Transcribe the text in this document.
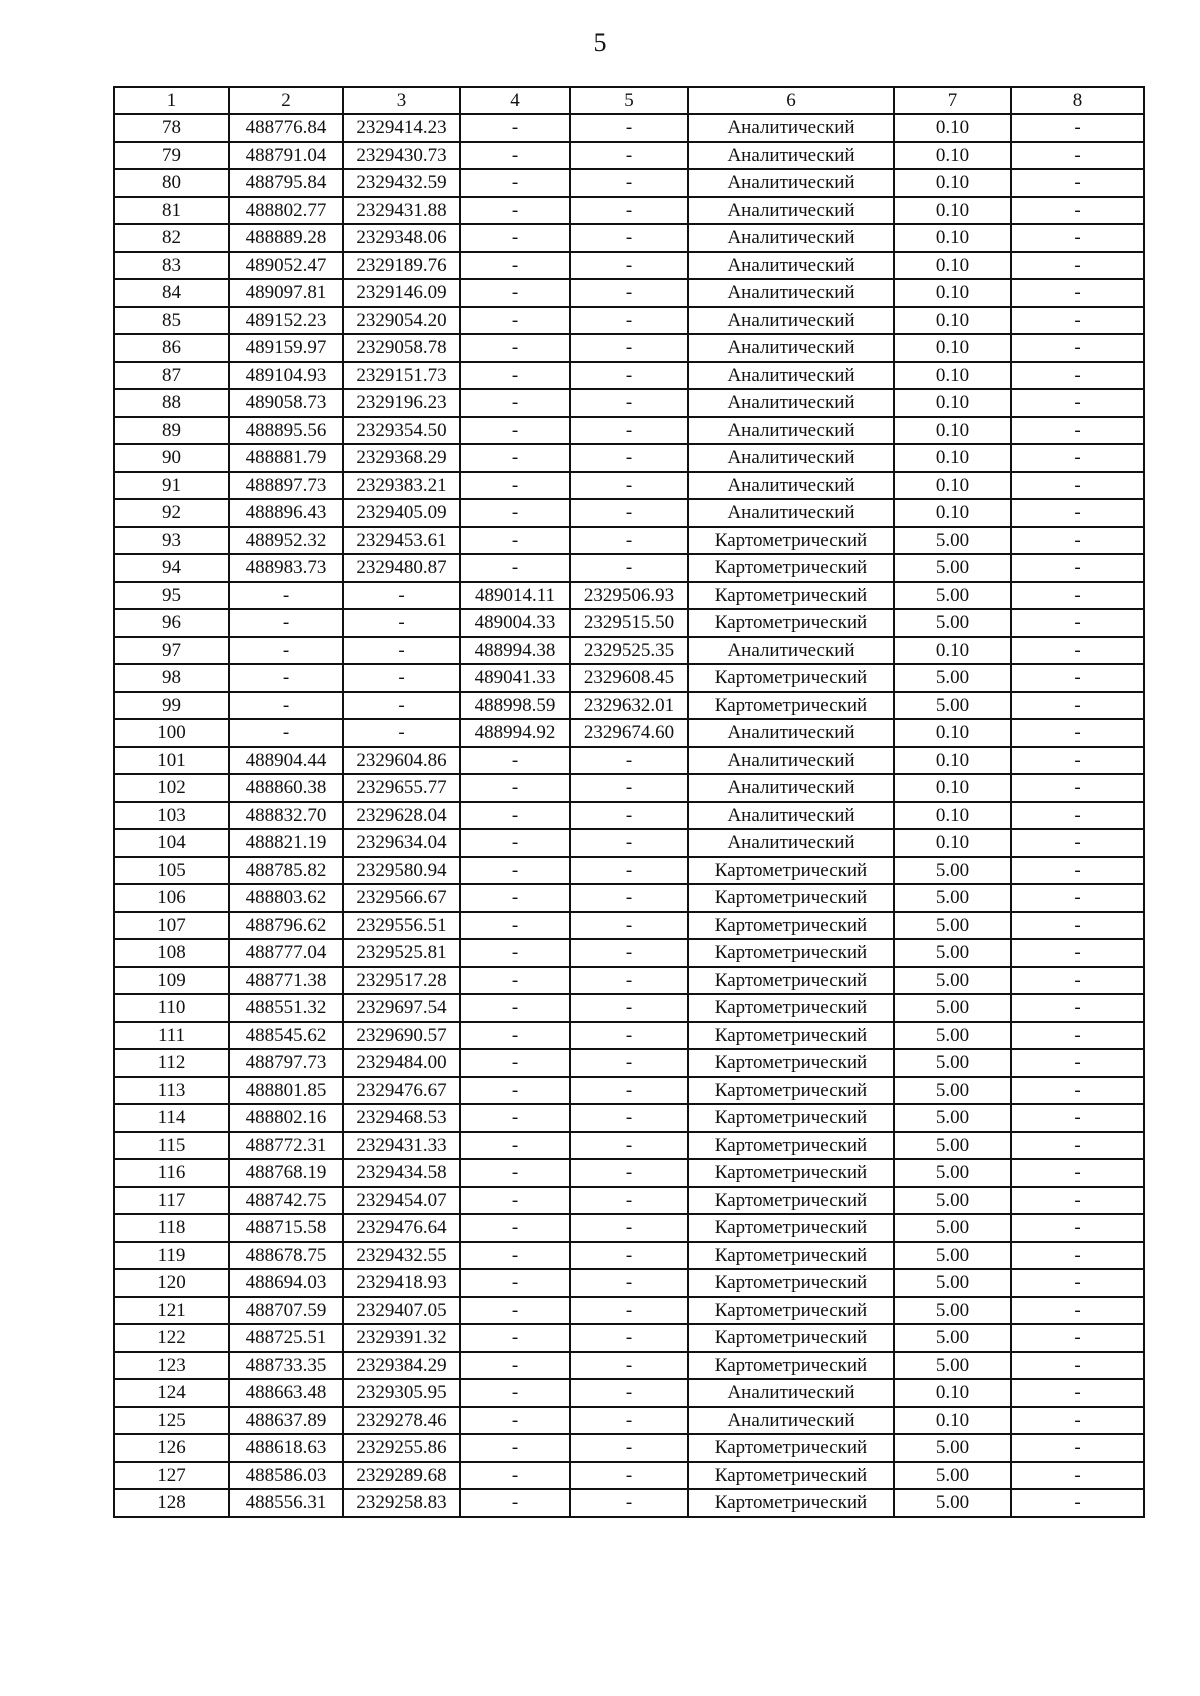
5
1	2	3	4	5	6	7	8
78	488776.84	2329414.23	-	-	Аналитический	0.10	-
79	488791.04	2329430.73	-	-	Аналитический	0.10	-
80	488795.84	2329432.59	-	-	Аналитический	0.10	-
81	488802.77	2329431.88	-	-	Аналитический	0.10	-
82	488889.28	2329348.06	-	-	Аналитический	0.10	-
83	489052.47	2329189.76	-	-	Аналитический	0.10	-
84	489097.81	2329146.09	-	-	Аналитический	0.10	-
85	489152.23	2329054.20	-	-	Аналитический	0.10	-
86	489159.97	2329058.78	-	-	Аналитический	0.10	-
87	489104.93	2329151.73	-	-	Аналитический	0.10	-
88	489058.73	2329196.23	-	-	Аналитический	0.10	-
89	488895.56	2329354.50	-	-	Аналитический	0.10	-
90	488881.79	2329368.29	-	-	Аналитический	0.10	-
91	488897.73	2329383.21	-	-	Аналитический	0.10	-
92	488896.43	2329405.09	-	-	Аналитический	0.10	-
93	488952.32	2329453.61	-	-	Картометрический	5.00	-
94	488983.73	2329480.87	-	-	Картометрический	5.00	-
95	-	-	489014.11	2329506.93	Картометрический	5.00	-
96	-	-	489004.33	2329515.50	Картометрический	5.00	-
97	-	-	488994.38	2329525.35	Аналитический	0.10	-
98	-	-	489041.33	2329608.45	Картометрический	5.00	-
99	-	-	488998.59	2329632.01	Картометрический	5.00	-
100	-	-	488994.92	2329674.60	Аналитический	0.10	-
101	488904.44	2329604.86	-	-	Аналитический	0.10	-
102	488860.38	2329655.77	-	-	Аналитический	0.10	-
103	488832.70	2329628.04	-	-	Аналитический	0.10	-
104	488821.19	2329634.04	-	-	Аналитический	0.10	-
105	488785.82	2329580.94	-	-	Картометрический	5.00	-
106	488803.62	2329566.67	-	-	Картометрический	5.00	-
107	488796.62	2329556.51	-	-	Картометрический	5.00	-
108	488777.04	2329525.81	-	-	Картометрический	5.00	-
109	488771.38	2329517.28	-	-	Картометрический	5.00	-
110	488551.32	2329697.54	-	-	Картометрический	5.00	-
111	488545.62	2329690.57	-	-	Картометрический	5.00	-
112	488797.73	2329484.00	-	-	Картометрический	5.00	-
113	488801.85	2329476.67	-	-	Картометрический	5.00	-
114	488802.16	2329468.53	-	-	Картометрический	5.00	-
115	488772.31	2329431.33	-	-	Картометрический	5.00	-
116	488768.19	2329434.58	-	-	Картометрический	5.00	-
117	488742.75	2329454.07	-	-	Картометрический	5.00	-
118	488715.58	2329476.64	-	-	Картометрический	5.00	-
119	488678.75	2329432.55	-	-	Картометрический	5.00	-
120	488694.03	2329418.93	-	-	Картометрический	5.00	-
121	488707.59	2329407.05	-	-	Картометрический	5.00	-
122	488725.51	2329391.32	-	-	Картометрический	5.00	-
123	488733.35	2329384.29	-	-	Картометрический	5.00	-
124	488663.48	2329305.95	-	-	Аналитический	0.10	-
125	488637.89	2329278.46	-	-	Аналитический	0.10	-
126	488618.63	2329255.86	-	-	Картометрический	5.00	-
127	488586.03	2329289.68	-	-	Картометрический	5.00	-
128	488556.31	2329258.83	-	-	Картометрический	5.00	-
